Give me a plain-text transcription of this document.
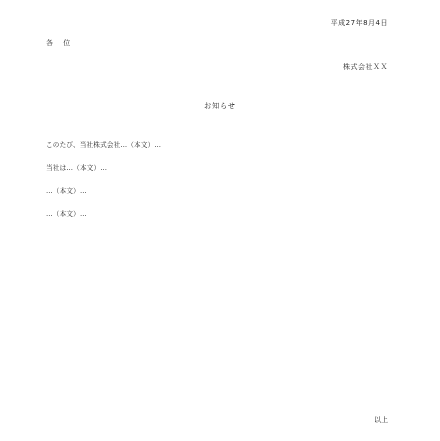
平成27年8月4日
各 位
株式会社ＸＸ
お知らせ

このたび、当社株式会社…（本文）…

当社は…（本文）…

…（本文）…

…（本文）…

以上
